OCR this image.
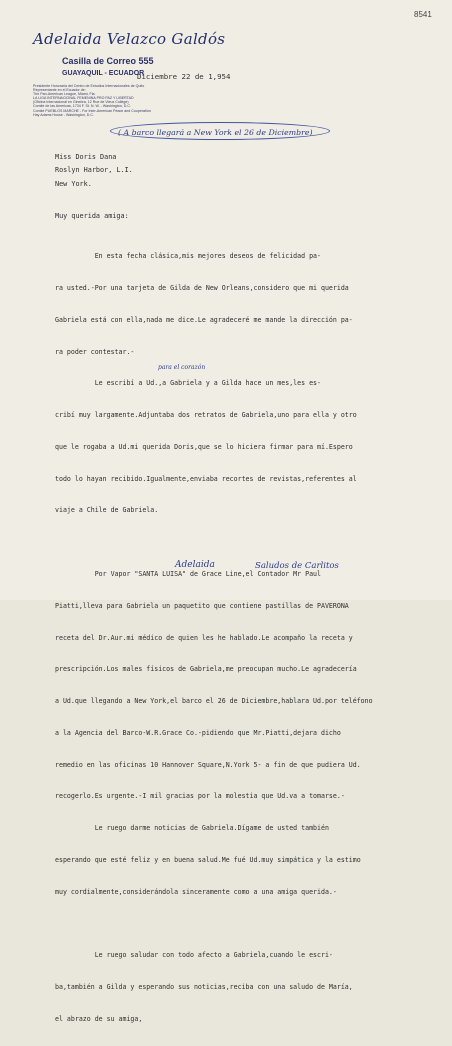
8541
Adelaida Velazco Galdós
Casilla de Correo 555
GUAYAQUIL - ECUADOR
Diciembre 22 de 1,954
Presidente Honoraria del Centro de Estudios Internacionales de Quito
Representante en el Ecuador de:
The Pan-American League, Miami, Fla.
LA LIGA INTERNACIONAL FEMENINA PRO PAZ Y LIBERTAD
(Oficina Internacional en Ginebra, 12 Rue de Vieux Collège)
Comité de las Americas, 1734 F. St. N. W. - Washington, D.C.
Comité PUEBLOS MARCHE - For Inter-American Peace and Cooperation
Hay Adams House - Washington, D.C.
( A barco llegará a New York el 26 de Diciembre)
Miss Doris Dana
Roslyn Harbor, L.I.
New York.
Muy querida amiga:

En esta fecha clásica,mis mejores deseos de felicidad pa-

ra usted.-Por una tarjeta de Gilda de New Orleans,considero que mi querida

Gabriela está con ella,nada me dice.Le agradeceré me mande la dirección pa-

ra poder contestar.-

Le escribí a Ud.,a Gabriela y a Gilda hace un mes,les es-

cribí muy largamente.Adjuntaba dos retratos de Gabriela,uno para ella y otro

que le rogaba a Ud.mi querida Doris,que se lo hiciera firmar para mí.Espero

todo lo hayan recibido.Igualmente,enviaba recortes de revistas,referentes al

viaje a Chile de Gabriela.

Por Vapor "SANTA LUISA" de Grace Line,el Contador Mr Paul

Piatti,lleva para Gabriela un paquetito que contiene pastillas de PAVERONA

receta del Dr.Aur.mi médico de quien les he hablado.Le acompaño la receta y

prescripción.Los males físicos de Gabriela,me preocupan mucho.Le agradecería

a Ud.que llegando a New York,el barco el 26 de Diciembre,hablara Ud.por teléfono

a la Agencia del Barco-W.R.Grace Co.-pidiendo que Mr.Piatti,dejara dicho

remedio en las oficinas 10 Hannover Square,N.York 5- a fin de que pudiera Ud.

recogerlo.Es urgente.-I mil gracias por la molestia que Ud.va a tomarse.-

Le ruego darme noticias de Gabriela.Dígame de usted también

esperando que esté feliz y en buena salud.Me fué Ud.muy simpática y la estimo

muy cordialmente,considerándola sinceramente como a una amiga querida.-

Le ruego saludar con todo afecto a Gabriela,cuando le escri-

ba,también a Gilda y esperando sus noticias,reciba con una saludo de María,

el abrazo de su amiga,

para el corazón
Adelaida	Saludos de Carlitos
